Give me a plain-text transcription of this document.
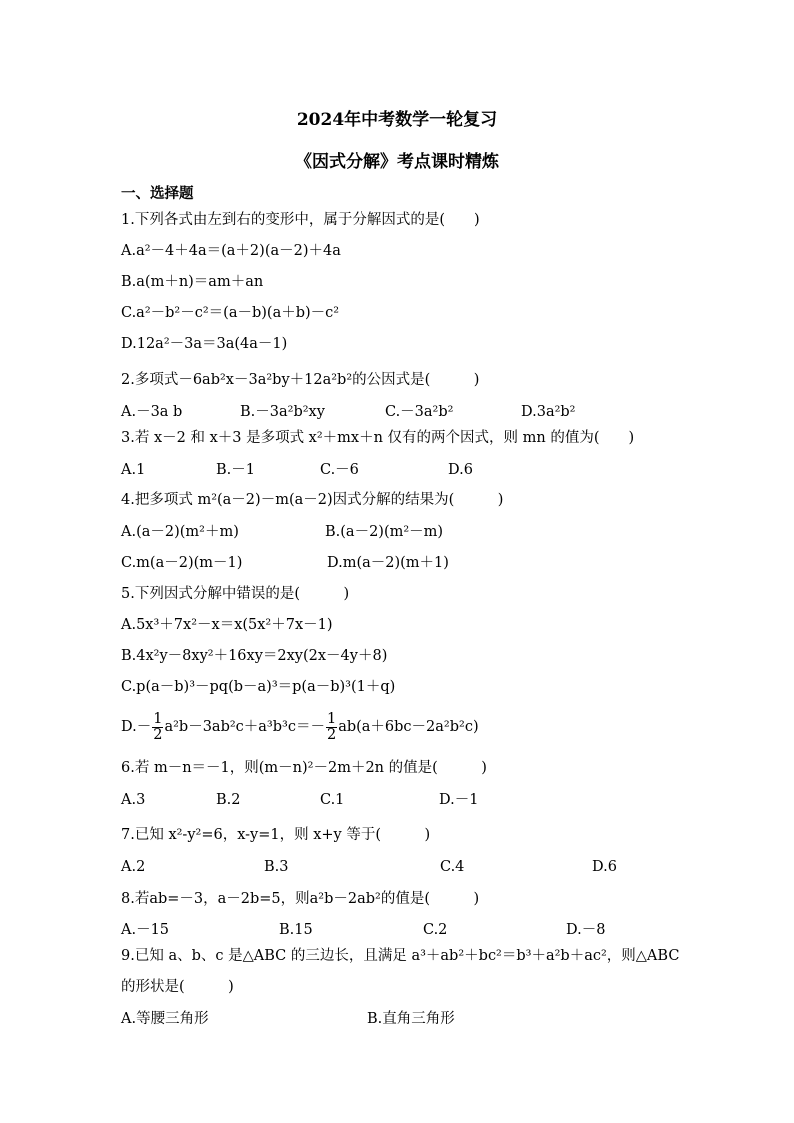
2024年中考数学一轮复习
《因式分解》考点课时精炼
一、选择题
1.下列各式由左到右的变形中，属于分解因式的是(　　)
A.a²－4＋4a＝(a＋2)(a－2)＋4a
B.a(m＋n)＝am＋an
C.a²－b²－c²＝(a－b)(a＋b)－c²
D.12a²－3a＝3a(4a－1)
2.多项式－6ab²x－3a²by＋12a²b²的公因式是(　　　)
A.－3a b	B.－3a²b²xy	C.－3a²b²	D.3a²b²
3.若 x－2 和 x＋3 是多项式 x²＋mx＋n 仅有的两个因式，则 mn 的值为(　　)
A.1	B.－1	C.－6	D.6
4.把多项式 m²(a－2)－m(a－2)因式分解的结果为(　　　)
A.(a－2)(m²＋m)	B.(a－2)(m²－m)
C.m(a－2)(m－1)	D.m(a－2)(m＋1)
5.下列因式分解中错误的是(　　　)
A.5x³＋7x²－x＝x(5x²＋7x－1)
B.4x²y－8xy²＋16xy＝2xy(2x－4y＋8)
C.p(a－b)³－pq(b－a)³＝p(a－b)³(1＋q)
$D.- \frac{1}{2} a^2b-3ab^2c+a^3b^3c=- \frac{1}{2} ab(a+6bc-2a^2b^2c)$
6.若 m－n＝－1，则(m－n)²－2m＋2n 的值是(　　　)
A.3	B.2	C.1	D.－1
7.已知 x²-y²=6，x-y=1，则 x+y 等于(　　　)
A.2	B.3	C.4	D.6
8.若ab=－3，a－2b=5，则a²b－2ab²的值是(　　　)
A.－15	B.15	C.2	D.－8
9.已知 a、b、c 是△ABC 的三边长，且满足 a³＋ab²＋bc²＝b³＋a²b＋ac²，则△ABC
的形状是(　　　)
A.等腰三角形	B.直角三角形
